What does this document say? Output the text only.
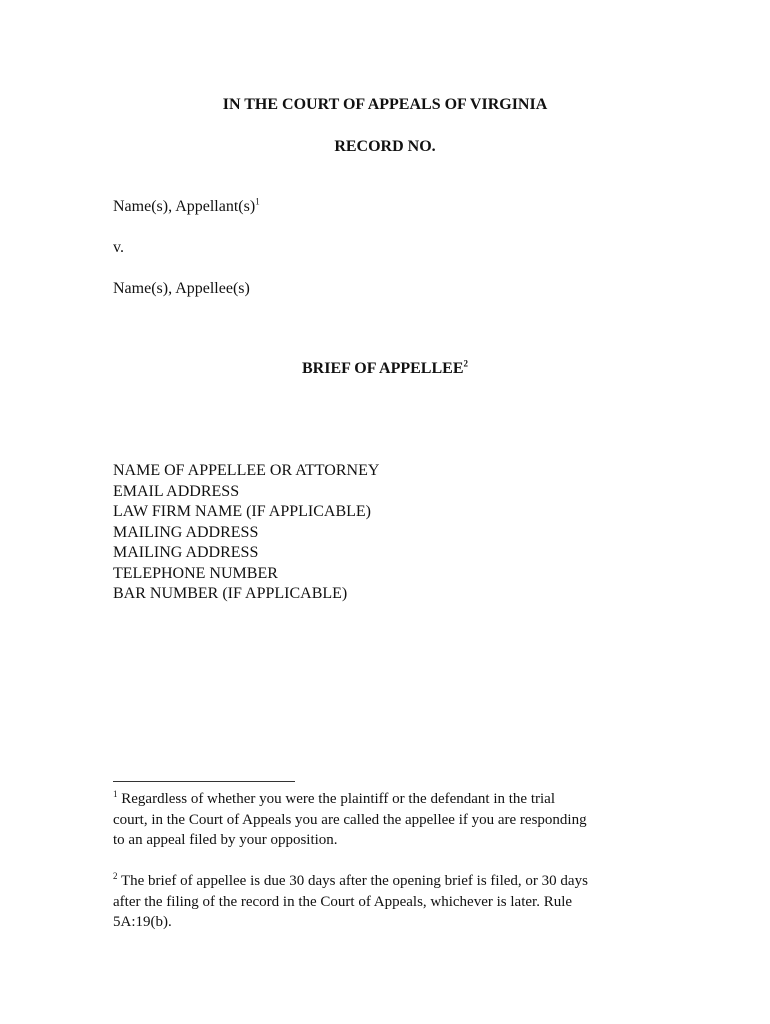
IN THE COURT OF APPEALS OF VIRGINIA
RECORD NO.
Name(s), $Appellant(s)^1$
v.
Name(s), Appellee(s)
BRIEF OF APPELLEE$^2$
NAME OF APPELLEE OR ATTORNEY
EMAIL ADDRESS
LAW FIRM NAME (IF APPLICABLE)
MAILING ADDRESS
MAILING ADDRESS
TELEPHONE NUMBER
BAR NUMBER (IF APPLICABLE)
$^1$ Regardless of whether you were the plaintiff or the defendant in the trial
court, in the Court of Appeals you are called the appellee if you are responding
to an appeal filed by your opposition.
$^2$ The brief of appellee is due 30 days after the opening brief is filed, or 30 days
after the filing of the record in the Court of Appeals, whichever is later. Rule
5A:19(b).
